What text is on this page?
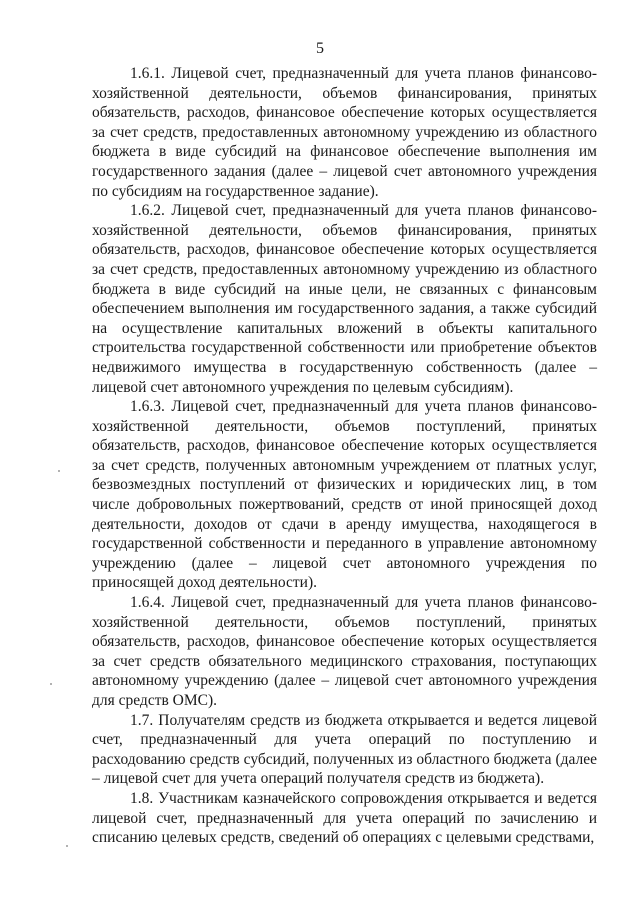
5

1.6.1. Лицевой счет, предназначенный для учета планов финансово-хозяйственной деятельности, объемов финансирования, принятых обязательств, расходов, финансовое обеспечение которых осуществляется за счет средств, предоставленных автономному учреждению из областного бюджета в виде субсидий на финансовое обеспечение выполнения им государственного задания (далее – лицевой счет автономного учреждения по субсидиям на государственное задание).

1.6.2. Лицевой счет, предназначенный для учета планов финансово-хозяйственной деятельности, объемов финансирования, принятых обязательств, расходов, финансовое обеспечение которых осуществляется за счет средств, предоставленных автономному учреждению из областного бюджета в виде субсидий на иные цели, не связанных с финансовым обеспечением выполнения им государственного задания, а также субсидий на осуществление капитальных вложений в объекты капитального строительства государственной собственности или приобретение объектов недвижимого имущества в государственную собственность (далее – лицевой счет автономного учреждения по целевым субсидиям).

1.6.3. Лицевой счет, предназначенный для учета планов финансово-хозяйственной деятельности, объемов поступлений, принятых обязательств, расходов, финансовое обеспечение которых осуществляется за счет средств, полученных автономным учреждением от платных услуг, безвозмездных поступлений от физических и юридических лиц, в том числе добровольных пожертвований, средств от иной приносящей доход деятельности, доходов от сдачи в аренду имущества, находящегося в государственной собственности и переданного в управление автономному учреждению (далее – лицевой счет автономного учреждения по приносящей доход деятельности).

1.6.4. Лицевой счет, предназначенный для учета планов финансово-хозяйственной деятельности, объемов поступлений, принятых обязательств, расходов, финансовое обеспечение которых осуществляется за счет средств обязательного медицинского страхования, поступающих автономному учреждению (далее – лицевой счет автономного учреждения для средств ОМС).

1.7. Получателям средств из бюджета открывается и ведется лицевой счет, предназначенный для учета операций по поступлению и расходованию средств субсидий, полученных из областного бюджета (далее – лицевой счет для учета операций получателя средств из бюджета).

1.8. Участникам казначейского сопровождения открывается и ведется лицевой счет, предназначенный для учета операций по зачислению и списанию целевых средств, сведений об операциях с целевыми средствами,
